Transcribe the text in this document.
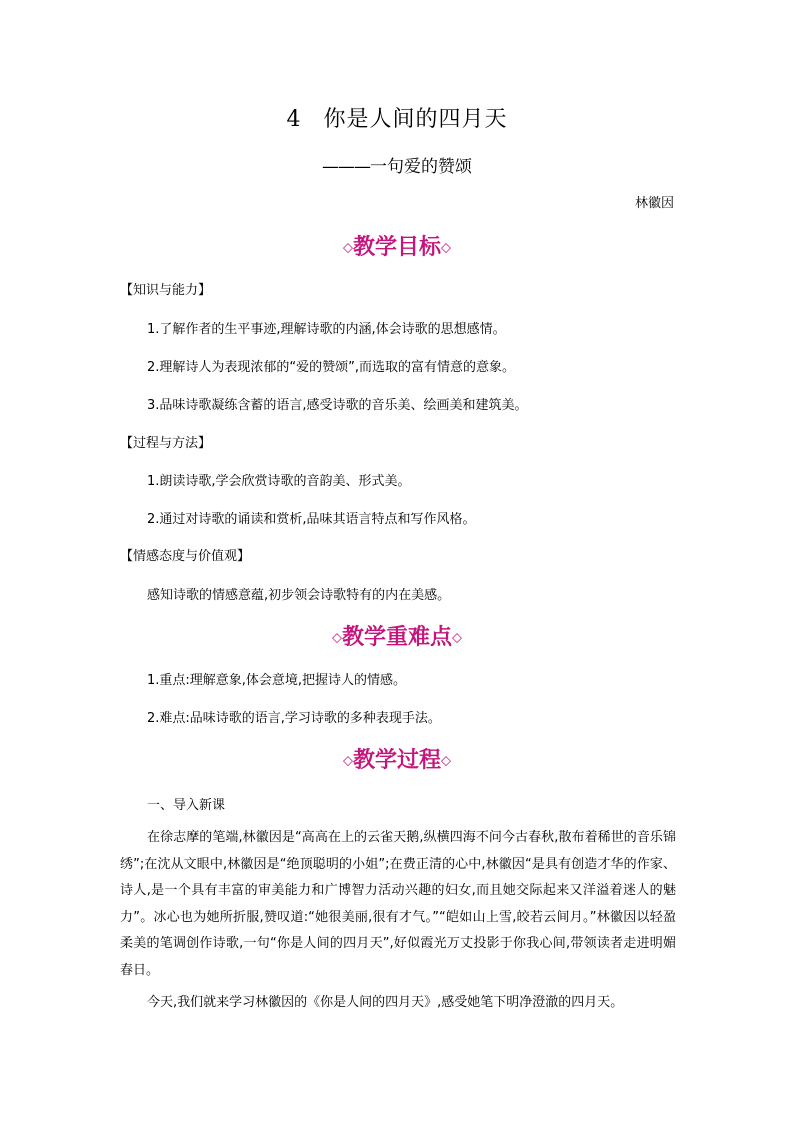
4 你是人间的四月天
———一句爱的赞颂
林徽因
◇教学目标◇
【知识与能力】
1.了解作者的生平事迹,理解诗歌的内涵,体会诗歌的思想感情。
2.理解诗人为表现浓郁的“爱的赞颂”,而选取的富有情意的意象。
3.品味诗歌凝练含蓄的语言,感受诗歌的音乐美、绘画美和建筑美。
【过程与方法】
1.朗读诗歌,学会欣赏诗歌的音韵美、形式美。
2.通过对诗歌的诵读和赏析,品味其语言特点和写作风格。
【情感态度与价值观】
感知诗歌的情感意蕴,初步领会诗歌特有的内在美感。
◇教学重难点◇
1.重点:理解意象,体会意境,把握诗人的情感。
2.难点:品味诗歌的语言,学习诗歌的多种表现手法。
◇教学过程◇
一、导入新课
在徐志摩的笔端,林徽因是“高高在上的云雀天鹅,纵横四海不问今古春秋,散布着稀世的音乐锦绣”;在沈从文眼中,林徽因是“绝顶聪明的小姐”;在费正清的心中,林徽因“是具有创造才华的作家、诗人,是一个具有丰富的审美能力和广博智力活动兴趣的妇女,而且她交际起来又洋溢着迷人的魅力”。冰心也为她所折服,赞叹道:“她很美丽,很有才气。”“皑如山上雪,皎若云间月。”林徽因以轻盈柔美的笔调创作诗歌,一句“你是人间的四月天”,好似霞光万丈投影于你我心间,带领读者走进明媚春日。
今天,我们就来学习林徽因的《你是人间的四月天》,感受她笔下明净澄澈的四月天。
